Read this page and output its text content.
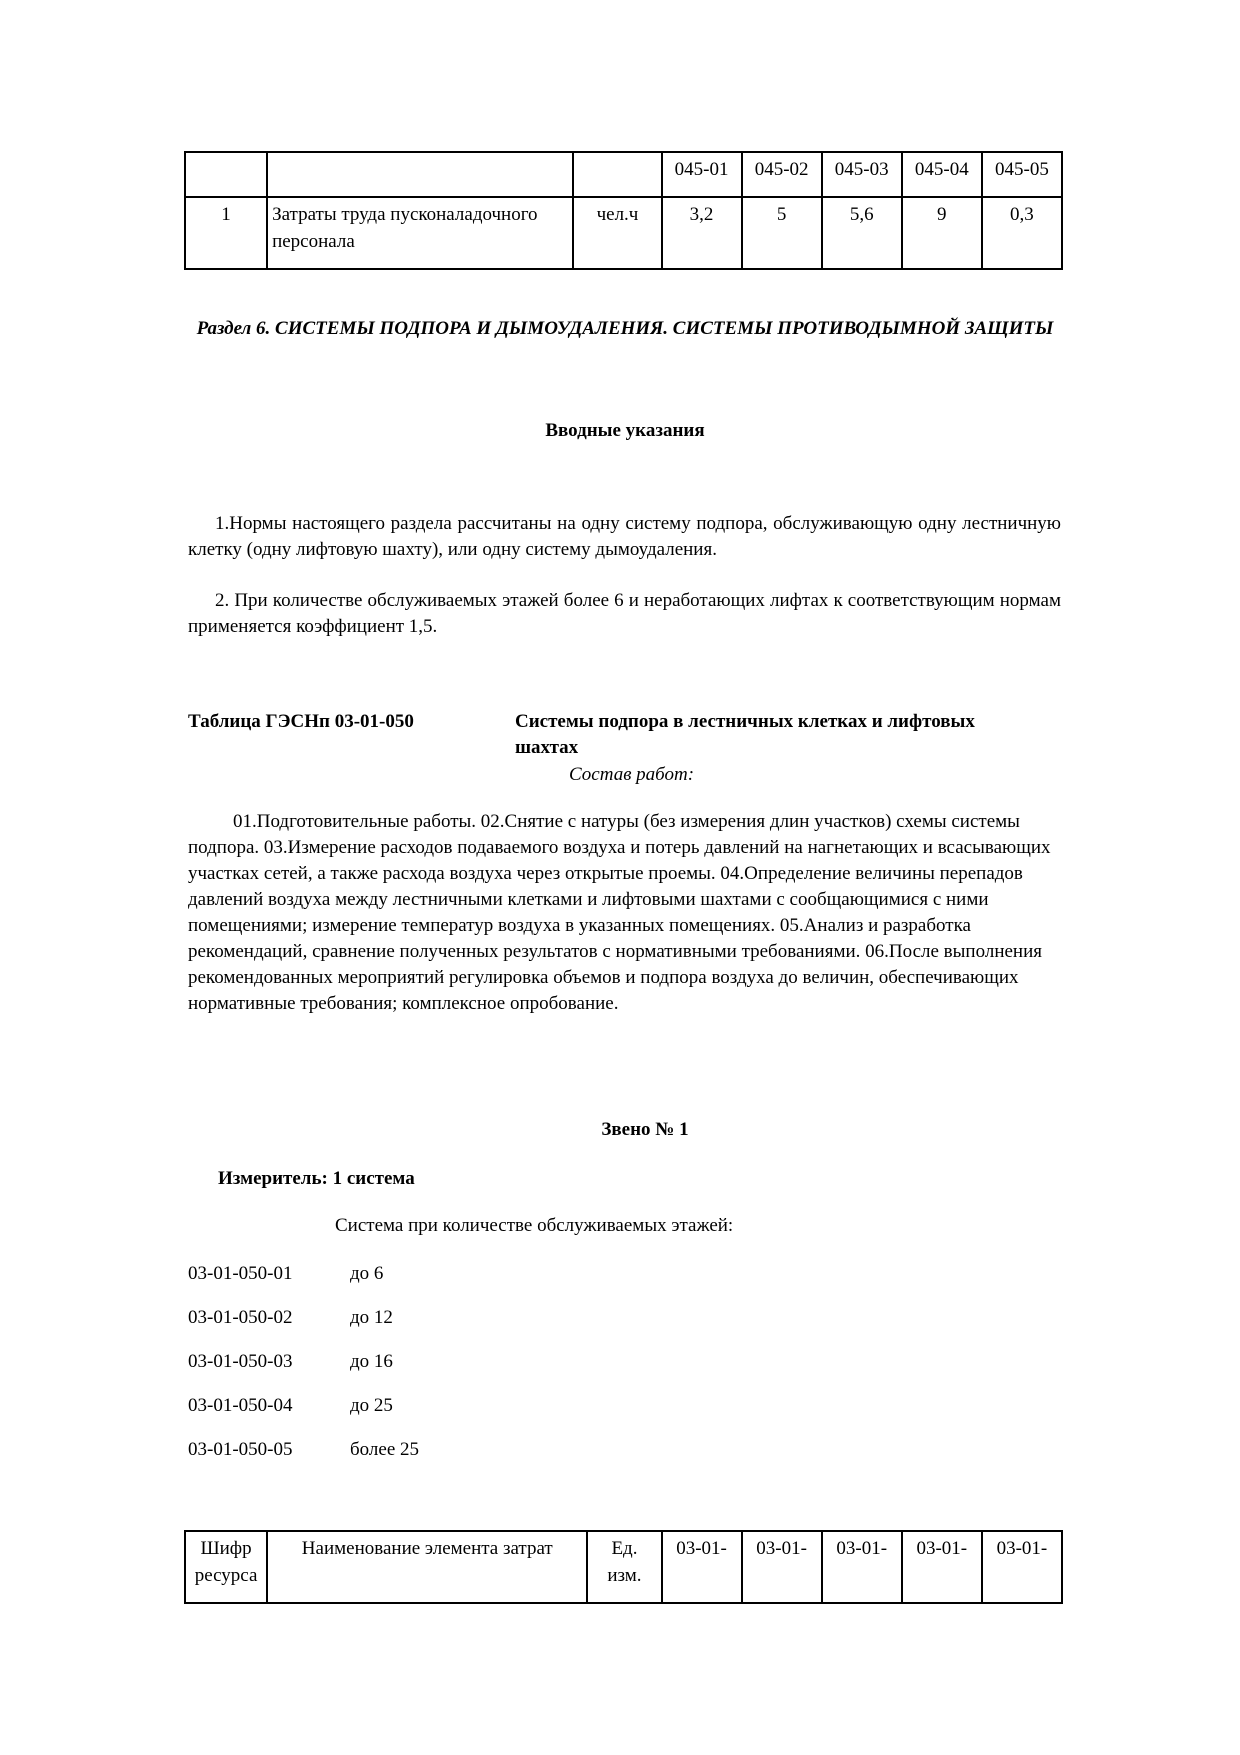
			045-01	045-02	045-03	045-04	045-05
1	Затраты труда пусконаладочного персонала	чел.ч	3,2	5	5,6	9	0,3
Раздел 6. СИСТЕМЫ ПОДПОРА И ДЫМОУДАЛЕНИЯ. СИСТЕМЫ ПРОТИВОДЫМНОЙ ЗАЩИТЫ
Вводные указания
1.Нормы настоящего раздела рассчитаны на одну систему подпора, обслуживающую одну лестничную клетку (одну лифтовую шахту), или одну систему дымоудаления.
2. При количестве обслуживаемых этажей более 6 и неработающих лифтах к соответствующим нормам применяется коэффициент 1,5.
Таблица ГЭСНп 03-01-050	Системы подпора в лестничных клетках и лифтовых шахтах
Состав работ:
01.Подготовительные работы. 02.Снятие с натуры (без измерения длин участков) схемы системы подпора. 03.Измерение расходов подаваемого воздуха и потерь давлений на нагнетающих и всасывающих участках сетей, а также расхода воздуха через открытые проемы. 04.Определение величины перепадов давлений воздуха между лестничными клетками и лифтовыми шахтами с сообщающимися с ними помещениями; измерение температур воздуха в указанных помещениях. 05.Анализ и разработка рекомендаций, сравнение полученных результатов с нормативными требованиями. 06.После выполнения рекомендованных мероприятий регулировка объемов и подпора воздуха до величин, обеспечивающих нормативные требования; комплексное опробование.
Звено № 1
Измеритель: 1 система
Система при количестве обслуживаемых этажей:
03-01-050-01	до 6
03-01-050-02	до 12
03-01-050-03	до 16
03-01-050-04	до 25
03-01-050-05	более 25
Шифр ресурса	Наименование элемента затрат	Ед. изм.	03-01-	03-01-	03-01-	03-01-	03-01-
